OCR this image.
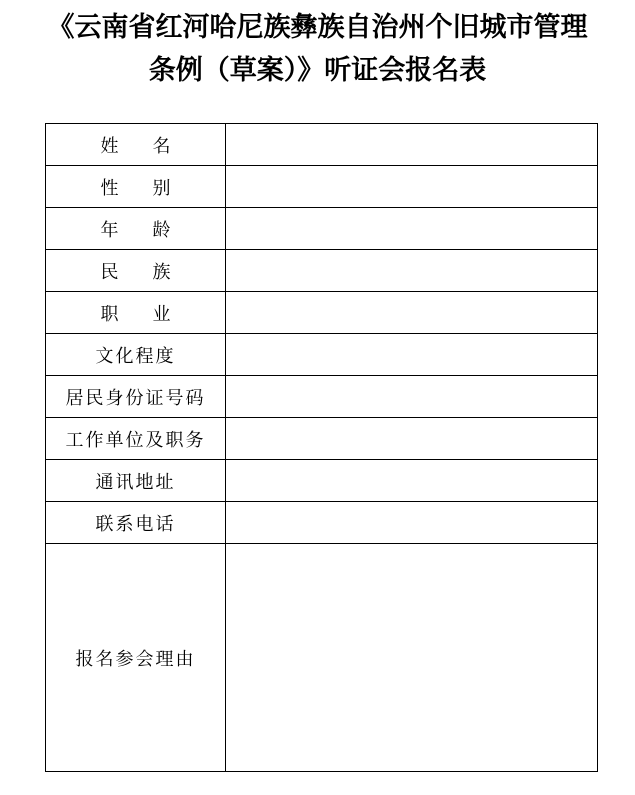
《云南省红河哈尼族彝族自治州个旧城市管理
条例（草案）》听证会报名表
姓 名	
性 别	
年 龄	
民 族	
职 业	
文化程度	
居民身份证号码	
工作单位及职务	
通讯地址	
联系电话	
报名参会理由	
